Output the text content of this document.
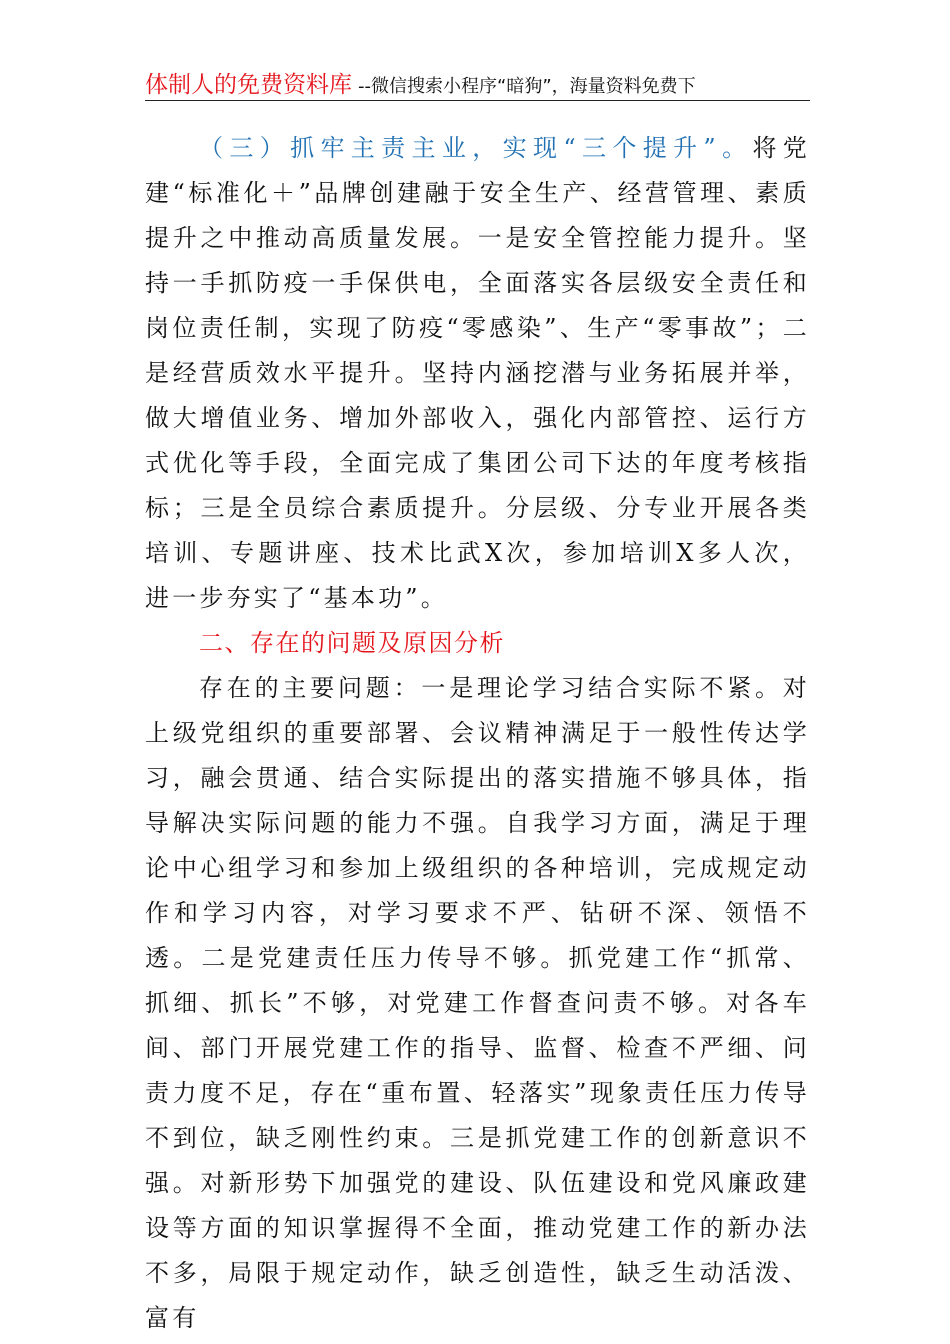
体制人的免费资料库 --微信搜索小程序“暗狗”，海量资料免费下

（三）抓牢主责主业，实现“三个提升”。将党建“标准化＋”品牌创建融于安全生产、经营管理、素质提升之中推动高质量发展。一是安全管控能力提升。坚持一手抓防疫一手保供电，全面落实各层级安全责任和岗位责任制，实现了防疫“零感染”、生产“零事故”；二是经营质效水平提升。坚持内涵挖潜与业务拓展并举，做大增值业务、增加外部收入，强化内部管控、运行方式优化等手段，全面完成了集团公司下达的年度考核指标；三是全员综合素质提升。分层级、分专业开展各类培训、专题讲座、技术比武X次，参加培训X多人次，进一步夯实了“基本功”。

二、存在的问题及原因分析

存在的主要问题：一是理论学习结合实际不紧。对上级党组织的重要部署、会议精神满足于一般性传达学习，融会贯通、结合实际提出的落实措施不够具体，指导解决实际问题的能力不强。自我学习方面，满足于理论中心组学习和参加上级组织的各种培训，完成规定动作和学习内容，对学习要求不严、钻研不深、领悟不透。二是党建责任压力传导不够。抓党建工作“抓常、抓细、抓长”不够，对党建工作督查问责不够。对各车间、部门开展党建工作的指导、监督、检查不严细、问责力度不足，存在“重布置、轻落实”现象责任压力传导不到位，缺乏刚性约束。三是抓党建工作的创新意识不强。对新形势下加强党的建设、队伍建设和党风廉政建设等方面的知识掌握得不全面，推动党建工作的新办法不多，局限于规定动作，缺乏创造性，缺乏生动活泼、富有
